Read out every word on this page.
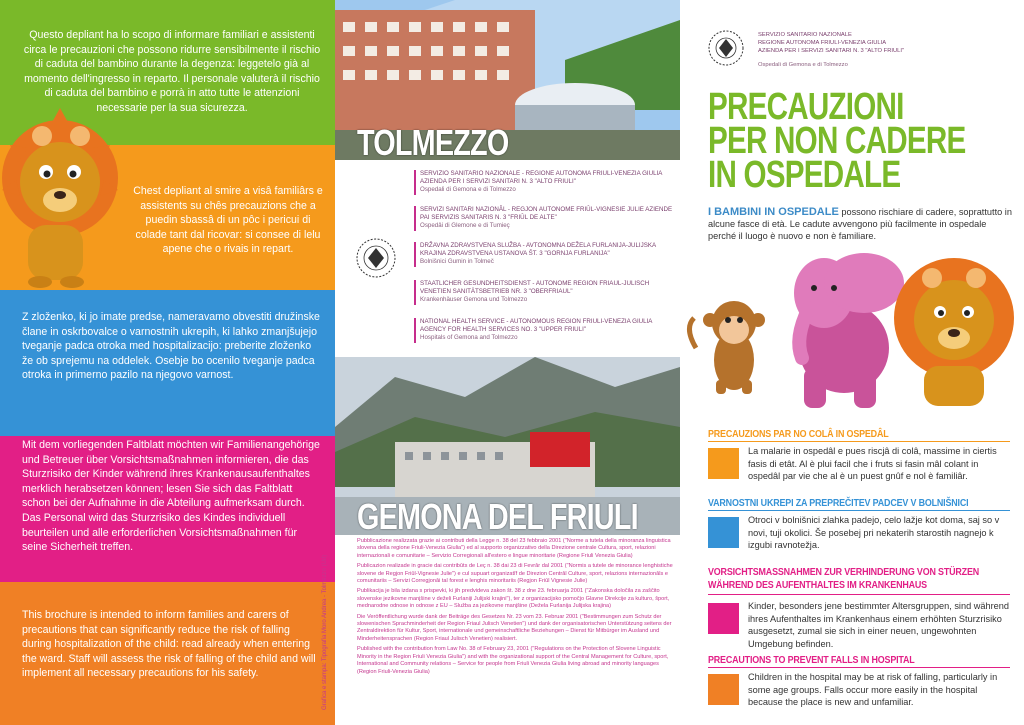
Questo depliant ha lo scopo di informare familiari e assistenti circa le precauzioni che possono ridurre sensibilmente il rischio di caduta del bambino durante la degenza: leggetelo già al momento dell'ingresso in reparto. Il personale valuterà il rischio di caduta del bambino e porrà in atto tutte le attenzioni necessarie per la sua sicurezza.

Chest depliant al smire a visâ familiârs e assistents su chês precauzions che a puedin sbassâ di un pôc i pericui di colade tant dal ricovar: si consee di lelu apene che o rivais in repart.

Z zloženko, ki jo imate predse, nameravamo obvestiti družinske člane in oskrbovalce o varnostnih ukrepih, ki lahko zmanjšujejo tveganje padca otroka med hospitalizacijo: preberite zloženko že ob sprejemu na oddelek. Osebje bo ocenilo tveganje padca otroka in primerno pazilo na njegovo varnost.

Mit dem vorliegenden Faltblatt möchten wir Familienangehörige und Betreuer über Vorsichtsmaßnahmen informieren, die das Sturzrisiko der Kinder während ihres Krankenausaufenthaltes merklich herabsetzen können; lesen Sie sich das Faltblatt schon bei der Aufnahme in die Abteilung aufmerksam durch. Das Personal wird das Sturzrisiko des Kindes individuell beurteilen und alle erforderlichen Vorsichtsmaßnahmen für seine Sicherheit treffen.

This brochure is intended to inform families and carers of precautions that can significantly reduce the risk of falling during hospitalization of the child: read already when entering the ward. Staff will assess the risk of falling of the child and will implement all necessary precautions for his safety.

TOLMEZZO
SERVIZIO SANITARIO NAZIONALE - REGIONE AUTONOMA FRIULI-VENEZIA GIULIA AZIENDA PER I SERVIZI SANITARI N. 3 "ALTO FRIULI"
Ospedali di Gemona e di Tolmezzo
SERVIZI SANITARI NAZIONÂL - REGJON AUTONOME FRIÛL-VIGNESIE JULIE AZIENDE PAI SERVIZIS SANITARIS N. 3 "FRIÛL DE ALTE"
Ospedâi di Glemone e di Tumieç
DRŽAVNA ZDRAVSTVENA SLUŽBA - AVTONOMNA DEŽELA FURLANIJA-JULIJSKA KRAJINA ZDRAVSTVENA USTANOVA ŠT. 3 "GORNJA FURLANIJA"
Bolnišnici Gumin in Tolmeč
STAATLICHER GESUNDHEITSDIENST - AUTONOME REGION FRIAUL-JULISCH VENETIEN SANITÄTSBETRIEB NR. 3 "OBERFRIAUL"
Krankenhäuser Gemona und Tolmezzo
NATIONAL HEALTH SERVICE - AUTONOMOUS REGION FRIULI-VENEZIA GIULIA AGENCY FOR HEALTH SERVICES NO. 3 "UPPER FRIULI"
Hospitals of Gemona and Tolmezzo
GEMONA DEL FRIULI

Pubblicazione realizzata grazie ai contributi della Legge n. 38 del 23 febbraio 2001 ("Norme a tutela della minoranza linguistica slovena della regione Friuli-Venezia Giulia") ed al supporto organizzativo della Direzione centrale Cultura, sport, relazioni internazionali e comunitarie – Servizio Corregionali all'estero e lingue minoritarie (Regione Friuli Venezia Giulia)

Publicazion realizade in gracie dai contribûts de Leç n. 38 dai 23 di Fevrâr dal 2001 ("Normis a tutele de minorance lenghistiche slovene de Regjon Friûl-Vignesie Julie") e cul supuart organizatîf de Direzion Centrâl Culture, sport, relazions internazionâls e comunitariis – Servizi Corregjonâi tal forest e lenghis minoritariis (Regjon Friûl Vignesie Julie)

Publikacija je bila izdana s prispevki, ki jih predvideva zakon št. 38 z dne 23. februarja 2001 ("Zakonska določila za zaščito slovenske jezikovne manjšine v deželi Furlaniji Julijski krajini"), ter z organizacijsko pomočjo Glavne Direkcije za kulturo, šport, mednarodne odnose in odnose z EU – Služba za jezikovne manjšine (Dežela Furlanija Julijska krajina)

Die Veröffentlichung wurde dank der Beiträge des Gesetzes Nr. 23 vom 23. Februar 2001 ("Bestimmungen zum Schutz der slowenischen Sprachminderheit der Region Friaul Julisch Venetien") und dank der organisatorischen Unterstützung seitens der Zentraldirektion für Kultur, Sport, internationale und gemeinschaftliche Beziehungen – Dienst für Mitbürger im Ausland und Minderheitensprachen (Region Friaul Julisch Venetien) realisiert.

Published with the contribution from Law No. 38 of February 23, 2001 ("Regulations on the Protection of Slovene Linguistic Minority in the Region Friuli Venezia Giulia") and with the organizational support of the Central Management for Culture, sport, International and Community relations – Service for people from Friuli Venezia Giulia living abroad and minority languages (Region Friuli-Venezia Giulia)

Grafica e stampa: Tipografia Moro Andrea - Tolmezzo (Ud)
SERVIZIO SANITARIO NAZIONALE
REGIONE AUTONOMA FRIULI-VENEZIA GIULIA
AZIENDA PER I SERVIZI SANITARI N. 3 "ALTO FRIULI"
Ospedali di Gemona e di Tolmezzo
PRECAUZIONI
PER NON CADERE
IN OSPEDALE
I BAMBINI IN OSPEDALE possono rischiare di cadere, soprattutto in alcune fasce di età. Le cadute avvengono più facilmente in ospedale perché il luogo è nuovo e non è familiare.
PRECAUZIONS PAR NO COLÂ IN OSPEDÂL
La malarie in ospedâl e pues riscjâ di colâ, massime in ciertis fasis di etât. Al è plui facil che i fruts si fasin mâl colant in ospedâl par vie che al è un puest gnûf e nol è familiâr.
VARNOSTNI UKREPI ZA PREPREČITEV PADCEV V BOLNIŠNICI
Otroci v bolnišnici zlahka padejo, celo lažje kot doma, saj so v novi, tuji okolici. Še posebej pri nekaterih starostih nagnejo k izgubi ravnotežja.
VORSICHTSMASSNAHMEN ZUR VERHINDERUNG VON STÜRZEN WÄHREND DES AUFENTHALTES IM KRANKENHAUS
Kinder, besonders jene bestimmter Altersgruppen, sind während ihres Aufenthaltes im Krankenhaus einem erhöhten Sturzrisiko ausgesetzt, zumal sie sich in einer neuen, ungewohnten Umgebung befinden.
PRECAUTIONS TO PREVENT FALLS IN HOSPITAL
Children in the hospital may be at risk of falling, particularly in some age groups. Falls occur more easily in the hospital because the place is new and unfamiliar.
